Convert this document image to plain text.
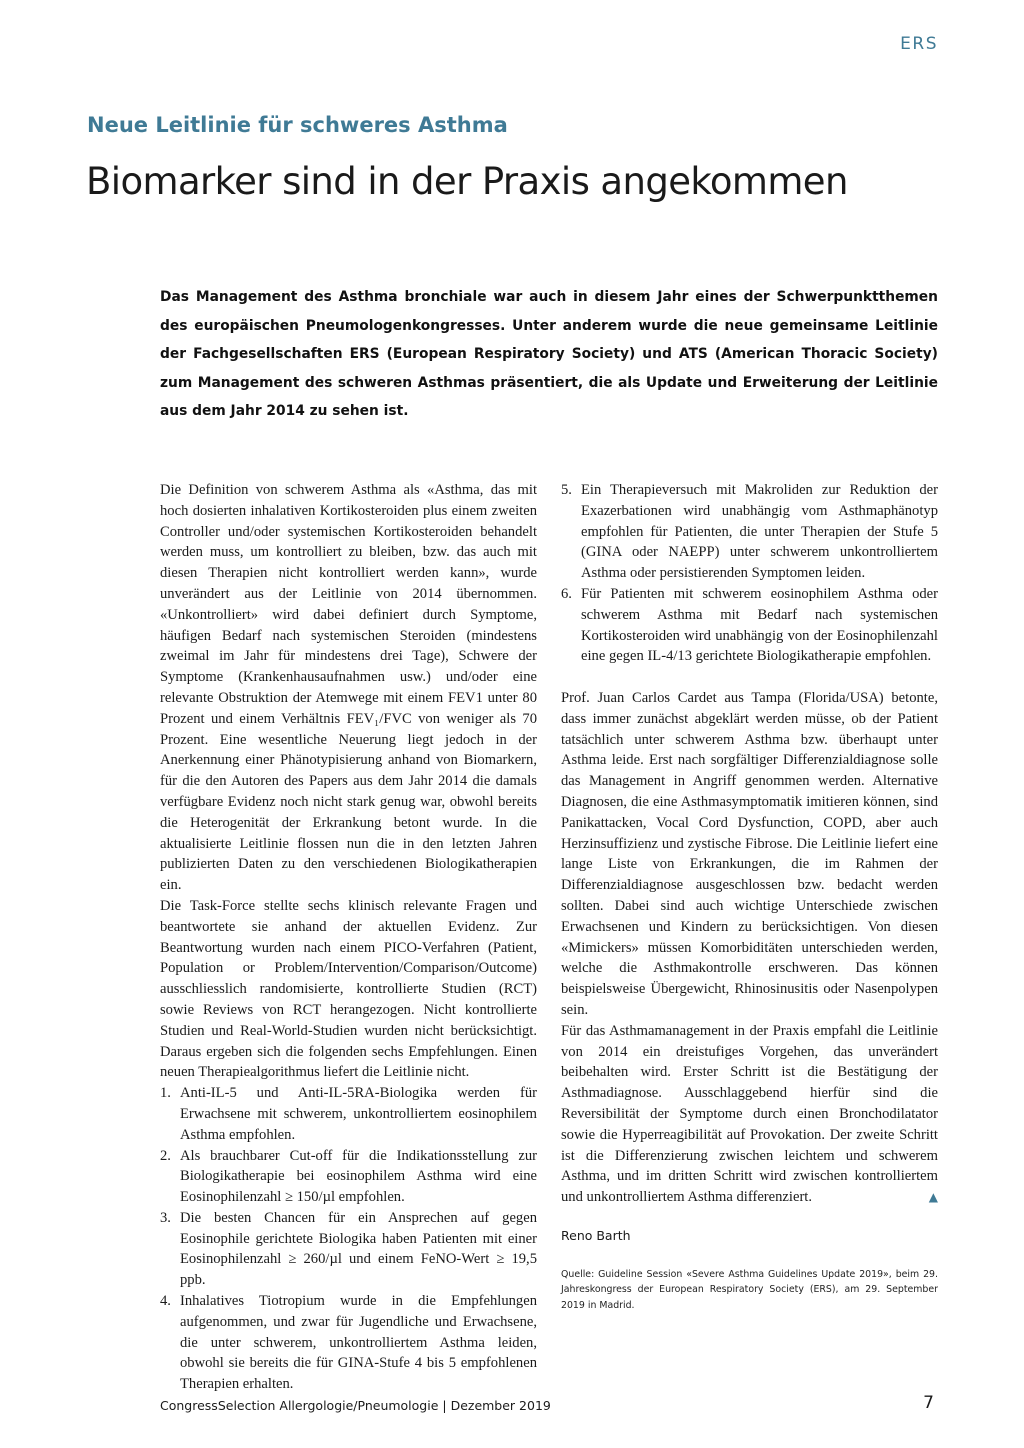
ERS
Neue Leitlinie für schweres Asthma
Biomarker sind in der Praxis angekommen

Das Management des Asthma bronchiale war auch in diesem Jahr eines der Schwerpunktthemen des europäischen Pneumologenkongresses. Unter anderem wurde die neue gemeinsame Leitlinie der Fachgesellschaften ERS (European Respiratory Society) und ATS (American Thoracic Society) zum Management des schweren Asthmas präsentiert, die als Update und Erweiterung der Leitlinie aus dem Jahr 2014 zu sehen ist.

Die Definition von schwerem Asthma als «Asthma, das mit hoch dosierten inhalativen Kortikosteroiden plus einem zweiten Controller und/oder systemischen Kortikosteroiden behandelt werden muss, um kontrolliert zu bleiben, bzw. das auch mit diesen Therapien nicht kontrolliert werden kann», wurde unverändert aus der Leitlinie von 2014 übernommen. «Unkontrolliert» wird dabei definiert durch Symptome, häufigen Bedarf nach systemischen Steroiden (mindestens zweimal im Jahr für mindestens drei Tage), Schwere der Symptome (Krankenhausaufnahmen usw.) und/oder eine relevante Obstruktion der Atemwege mit einem FEV1 unter 80 Prozent und einem Verhältnis FEV₁/FVC von weniger als 70 Prozent. Eine wesentliche Neuerung liegt jedoch in der Anerkennung einer Phänotypisierung anhand von Biomarkern, für die den Autoren des Papers aus dem Jahr 2014 die damals verfügbare Evidenz noch nicht stark genug war, obwohl bereits die Heterogenität der Erkrankung betont wurde. In die aktualisierte Leitlinie flossen nun die in den letzten Jahren publizierten Daten zu den verschiedenen Biologikatherapien ein.

Die Task-Force stellte sechs klinisch relevante Fragen und beantwortete sie anhand der aktuellen Evidenz. Zur Beantwortung wurden nach einem PICO-Verfahren (Patient, Population or Problem/Intervention/Comparison/Outcome) ausschliesslich randomisierte, kontrollierte Studien (RCT) sowie Reviews von RCT herangezogen. Nicht kontrollierte Studien und Real-World-Studien wurden nicht berücksichtigt. Daraus ergeben sich die folgenden sechs Empfehlungen. Einen neuen Therapiealgorithmus liefert die Leitlinie nicht.

1. Anti-IL-5 und Anti-IL-5RA-Biologika werden für Erwachsene mit schwerem, unkontrolliertem eosinophilem Asthma empfohlen.
2. Als brauchbarer Cut-off für die Indikationsstellung zur Biologikatherapie bei eosinophilem Asthma wird eine Eosinophilenzahl ≥ 150/µl empfohlen.
3. Die besten Chancen für ein Ansprechen auf gegen Eosinophile gerichtete Biologika haben Patienten mit einer Eosinophilenzahl ≥ 260/µl und einem FeNO-Wert ≥ 19,5 ppb.
4. Inhalatives Tiotropium wurde in die Empfehlungen aufgenommen, und zwar für Jugendliche und Erwachsene, die unter schwerem, unkontrolliertem Asthma leiden, obwohl sie bereits die für GINA-Stufe 4 bis 5 empfohlenen Therapien erhalten.
5. Ein Therapieversuch mit Makroliden zur Reduktion der Exazerbationen wird unabhängig vom Asthmaphänotyp empfohlen für Patienten, die unter Therapien der Stufe 5 (GINA oder NAEPP) unter schwerem unkontrolliertem Asthma oder persistierenden Symptomen leiden.
6. Für Patienten mit schwerem eosinophilem Asthma oder schwerem Asthma mit Bedarf nach systemischen Kortikosteroiden wird unabhängig von der Eosinophilenzahl eine gegen IL-4/13 gerichtete Biologikatherapie empfohlen.

Prof. Juan Carlos Cardet aus Tampa (Florida/USA) betonte, dass immer zunächst abgeklärt werden müsse, ob der Patient tatsächlich unter schwerem Asthma bzw. überhaupt unter Asthma leide. Erst nach sorgfältiger Differenzialdiagnose solle das Management in Angriff genommen werden. Alternative Diagnosen, die eine Asthmasymptomatik imitieren können, sind Panikattacken, Vocal Cord Dysfunction, COPD, aber auch Herzinsuffizienz und zystische Fibrose. Die Leitlinie liefert eine lange Liste von Erkrankungen, die im Rahmen der Differenzialdiagnose ausgeschlossen bzw. bedacht werden sollten. Dabei sind auch wichtige Unterschiede zwischen Erwachsenen und Kindern zu berücksichtigen. Von diesen «Mimickers» müssen Komorbiditäten unterschieden werden, welche die Asthmakontrolle erschweren. Das können beispielsweise Übergewicht, Rhinosinusitis oder Nasenpolypen sein.

Für das Asthmamanagement in der Praxis empfahl die Leitlinie von 2014 ein dreistufiges Vorgehen, das unverändert beibehalten wird. Erster Schritt ist die Bestätigung der Asthmadiagnose. Ausschlaggebend hierfür sind die Reversibilität der Symptome durch einen Bronchodilatator sowie die Hyperreagibilität auf Provokation. Der zweite Schritt ist die Differenzierung zwischen leichtem und schwerem Asthma, und im dritten Schritt wird zwischen kontrolliertem und unkontrolliertem Asthma differenziert.	▲

Reno Barth
Quelle: Guideline Session «Severe Asthma Guidelines Update 2019», beim 29. Jahreskongress der European Respiratory Society (ERS), am 29. September 2019 in Madrid.
CongressSelection Allergologie/Pneumologie | Dezember 2019	7
